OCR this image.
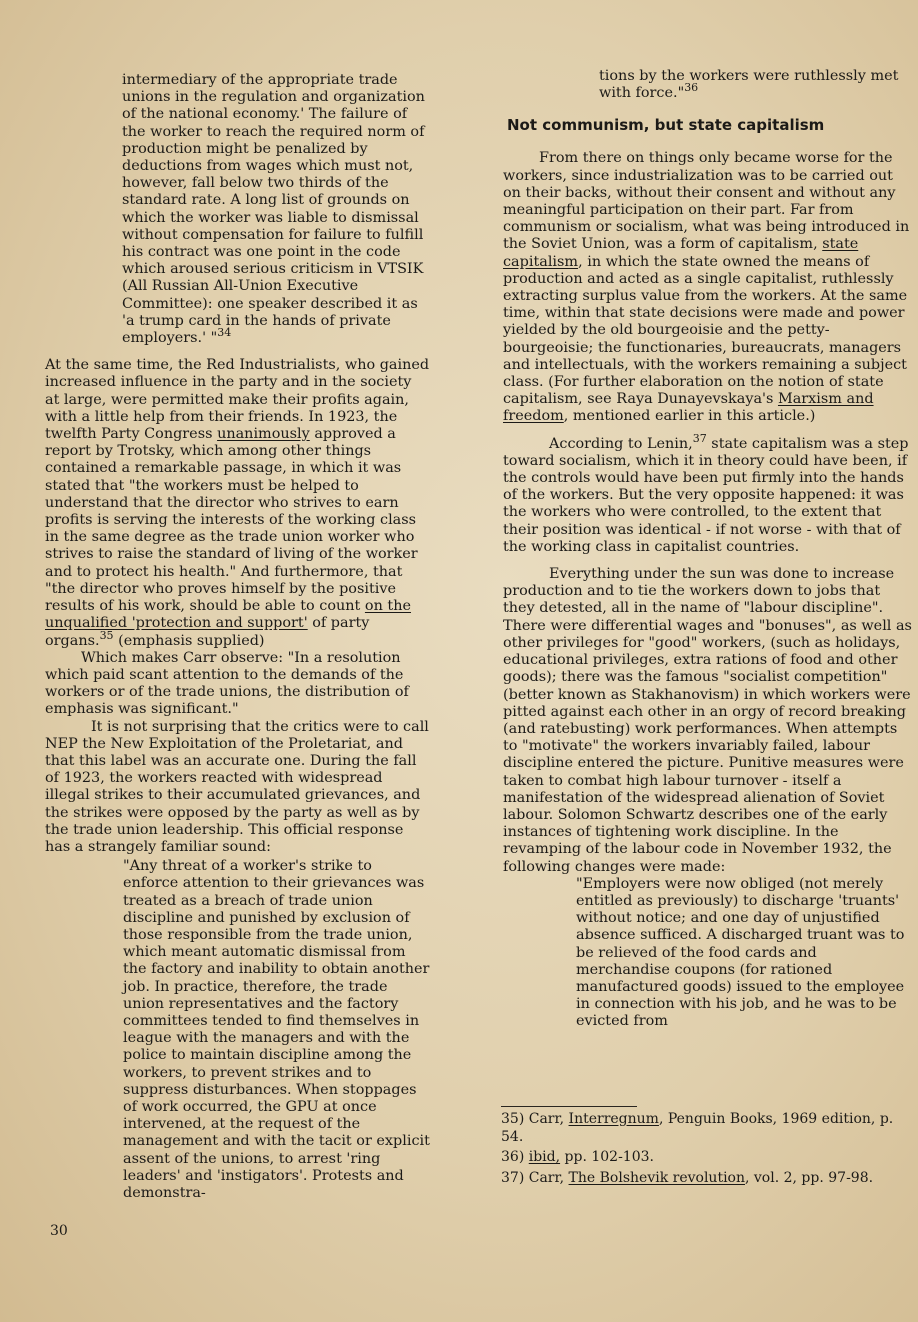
intermediary of the appropriate trade unions in the regulation and organization of the national economy.' The failure of the worker to reach the required norm of production might be penalized by deductions from wages which must not, however, fall below two thirds of the standard rate. A long list of grounds on which the worker was liable to dismissal without compensation for failure to fulfill his contract was one point in the code which aroused serious criticism in VTSIK (All Russian All-Union Executive Committee): one speaker described it as 'a trump card in the hands of private employers.' "$^{34}$

At the same time, the Red Industrialists, who gained increased influence in the party and in the society at large, were permitted make their profits again, with a little help from their friends. In 1923, the twelfth Party Congress unanimously approved a report by Trotsky, which among other things contained a remarkable passage, in which it was stated that "the workers must be helped to understand that the director who strives to earn profits is serving the interests of the working class in the same degree as the trade union worker who strives to raise the standard of living of the worker and to protect his health." And furthermore, that "the director who proves himself by the positive results of his work, should be able to count on the unqualified 'protection and support' of party organs.$^{35}$ (emphasis supplied)

Which makes Carr observe: "In a resolution which paid scant attention to the demands of the workers or of the trade unions, the distribution of emphasis was significant."

It is not surprising that the critics were to call NEP the New Exploitation of the Proletariat, and that this label was an accurate one. During the fall of 1923, the workers reacted with widespread illegal strikes to their accumulated grievances, and the strikes were opposed by the party as well as by the trade union leadership. This official response has a strangely familiar sound:

"Any threat of a worker's strike to enforce attention to their grievances was treated as a breach of trade union discipline and punished by exclusion of those responsible from the trade union, which meant automatic dismissal from the factory and inability to obtain another job. In practice, therefore, the trade union representatives and the factory committees tended to find themselves in league with the managers and with the police to maintain discipline among the workers, to prevent strikes and to suppress disturbances. When stoppages of work occurred, the GPU at once intervened, at the request of the management and with the tacit or explicit assent of the unions, to arrest 'ring leaders' and 'instigators'. Protests and demonstra-

tions by the workers were ruthlessly met with force."$^{36}$

Not communism, but state capitalism

From there on things only became worse for the workers, since industrialization was to be carried out on their backs, without their consent and without any meaningful participation on their part. Far from communism or socialism, what was being introduced in the Soviet Union, was a form of capitalism, state capitalism, in which the state owned the means of production and acted as a single capitalist, ruthlessly extracting surplus value from the workers. At the same time, within that state decisions were made and power yielded by the old bourgeoisie and the petty-bourgeoisie; the functionaries, bureaucrats, managers and intellectuals, with the workers remaining a subject class. (For further elaboration on the notion of state capitalism, see Raya Dunayevskaya's Marxism and freedom, mentioned earlier in this article.)

According to Lenin,$^{37}$ state capitalism was a step toward socialism, which it in theory could have been, if the controls would have been put firmly into the hands of the workers. But the very opposite happened: it was the workers who were controlled, to the extent that their position was identical - if not worse - with that of the working class in capitalist countries.

Everything under the sun was done to increase production and to tie the workers down to jobs that they detested, all in the name of "labour discipline". There were differential wages and "bonuses", as well as other privileges for "good" workers, (such as holidays, educational privileges, extra rations of food and other goods); there was the famous "socialist competition" (better known as Stakhanovism) in which workers were pitted against each other in an orgy of record breaking (and ratebusting) work performances. When attempts to "motivate" the workers invariably failed, labour discipline entered the picture. Punitive measures were taken to combat high labour turnover - itself a manifestation of the widespread alienation of Soviet labour. Solomon Schwartz describes one of the early instances of tightening work discipline. In the revamping of the labour code in November 1932, the following changes were made:

"Employers were now obliged (not merely entitled as previously) to discharge 'truants' without notice; and one day of unjustified absence sufficed. A discharged truant was to be relieved of the food cards and merchandise coupons (for rationed manufactured goods) issued to the employee in connection with his job, and he was to be evicted from

35) Carr, Interregnum, Penguin Books, 1969 edition, p. 54.

36) ibid, pp. 102-103.

37) Carr, The Bolshevik revolution, vol. 2, pp. 97-98.

30
